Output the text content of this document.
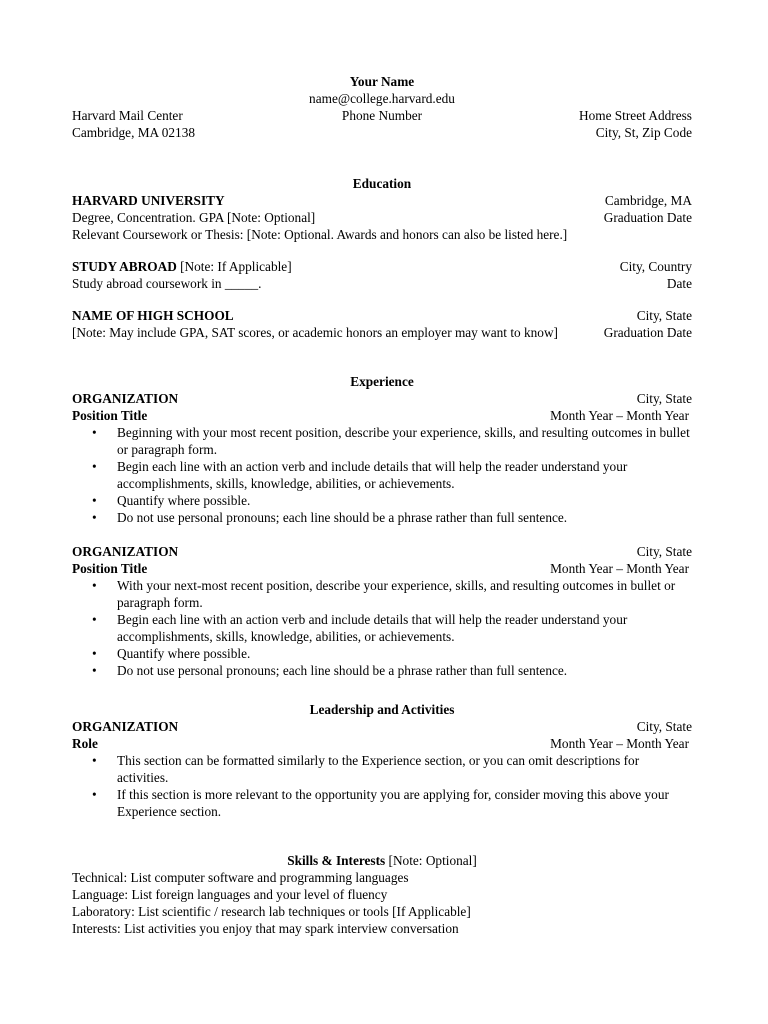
Your Name
name@college.harvard.edu
Harvard Mail Center	Phone Number	Home Street Address
Cambridge, MA 02138	City, St, Zip Code
Education
HARVARD UNIVERSITY	Cambridge, MA
Degree, Concentration. GPA [Note: Optional]	Graduation Date
Relevant Coursework or Thesis: [Note: Optional. Awards and honors can also be listed here.]
STUDY ABROAD [Note: If Applicable]	City, Country
Study abroad coursework in _____.	Date
NAME OF HIGH SCHOOL	City, State
[Note: May include GPA, SAT scores, or academic honors an employer may want to know]	Graduation Date
Experience
ORGANIZATION	City, State
Position Title	Month Year – Month Year
• Beginning with your most recent position, describe your experience, skills, and resulting outcomes in bullet or paragraph form.
• Begin each line with an action verb and include details that will help the reader understand your accomplishments, skills, knowledge, abilities, or achievements.
• Quantify where possible.
• Do not use personal pronouns; each line should be a phrase rather than full sentence.
ORGANIZATION	City, State
Position Title	Month Year – Month Year
• With your next-most recent position, describe your experience, skills, and resulting outcomes in bullet or paragraph form.
• Begin each line with an action verb and include details that will help the reader understand your accomplishments, skills, knowledge, abilities, or achievements.
• Quantify where possible.
• Do not use personal pronouns; each line should be a phrase rather than full sentence.
Leadership and Activities
ORGANIZATION	City, State
Role	Month Year – Month Year
• This section can be formatted similarly to the Experience section, or you can omit descriptions for activities.
• If this section is more relevant to the opportunity you are applying for, consider moving this above your Experience section.
Skills & Interests [Note: Optional]
Technical: List computer software and programming languages
Language: List foreign languages and your level of fluency
Laboratory: List scientific / research lab techniques or tools [If Applicable]
Interests: List activities you enjoy that may spark interview conversation
